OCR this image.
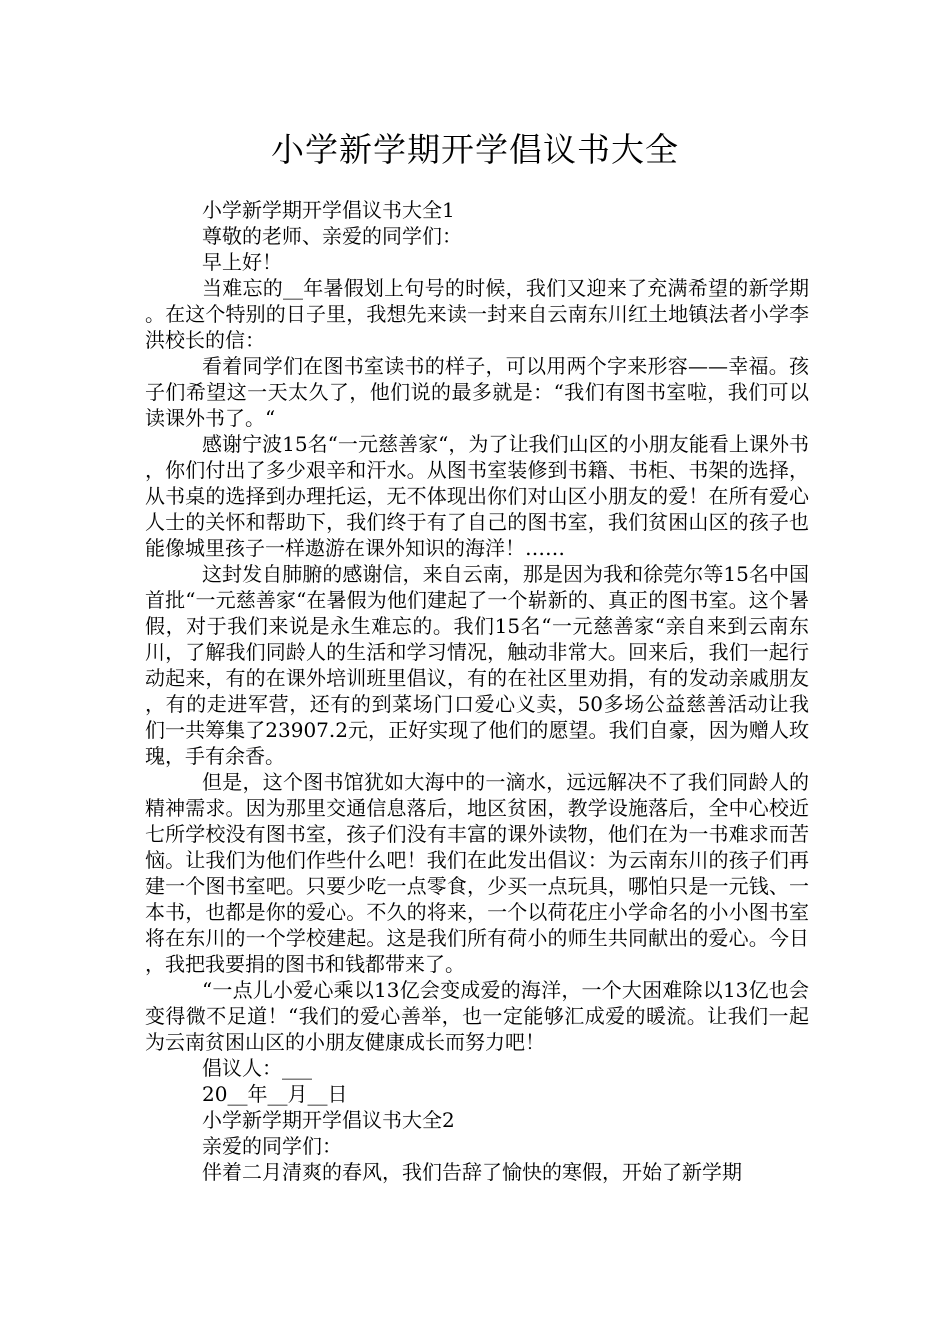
小学新学期开学倡议书大全

小学新学期开学倡议书大全1

尊敬的老师、亲爱的同学们：

早上好！

当难忘的__年暑假划上句号的时候，我们又迎来了充满希望的新学期。在这个特别的日子里，我想先来读一封来自云南东川红土地镇法者小学李洪校长的信：

看着同学们在图书室读书的样子，可以用两个字来形容——幸福。孩子们希望这一天太久了，他们说的最多就是：“我们有图书室啦，我们可以读课外书了。“

感谢宁波15名“一元慈善家“，为了让我们山区的小朋友能看上课外书，你们付出了多少艰辛和汗水。从图书室装修到书籍、书柜、书架的选择，从书桌的选择到办理托运，无不体现出你们对山区小朋友的爱！在所有爱心人士的关怀和帮助下，我们终于有了自己的图书室，我们贫困山区的孩子也能像城里孩子一样遨游在课外知识的海洋！……

这封发自肺腑的感谢信，来自云南，那是因为我和徐莞尔等15名中国首批“一元慈善家“在暑假为他们建起了一个崭新的、真正的图书室。这个暑假，对于我们来说是永生难忘的。我们15名“一元慈善家“亲自来到云南东川，了解我们同龄人的生活和学习情况，触动非常大。回来后，我们一起行动起来，有的在课外培训班里倡议，有的在社区里劝捐，有的发动亲戚朋友，有的走进军营，还有的到菜场门口爱心义卖，50多场公益慈善活动让我们一共筹集了23907.2元，正好实现了他们的愿望。我们自豪，因为赠人玫瑰，手有余香。

但是，这个图书馆犹如大海中的一滴水，远远解决不了我们同龄人的精神需求。因为那里交通信息落后，地区贫困，教学设施落后，全中心校近七所学校没有图书室，孩子们没有丰富的课外读物，他们在为一书难求而苦恼。让我们为他们作些什么吧！我们在此发出倡议：为云南东川的孩子们再建一个图书室吧。只要少吃一点零食，少买一点玩具，哪怕只是一元钱、一本书，也都是你的爱心。不久的将来，一个以荷花庄小学命名的小小图书室将在东川的一个学校建起。这是我们所有荷小的师生共同献出的爱心。今日，我把我要捐的图书和钱都带来了。

“一点儿小爱心乘以13亿会变成爱的海洋，一个大困难除以13亿也会变得微不足道！“我们的爱心善举，也一定能够汇成爱的暖流。让我们一起为云南贫困山区的小朋友健康成长而努力吧！

倡议人：___

20__年__月__日

小学新学期开学倡议书大全2

亲爱的同学们：

伴着二月清爽的春风，我们告辞了愉快的寒假，开始了新学期
